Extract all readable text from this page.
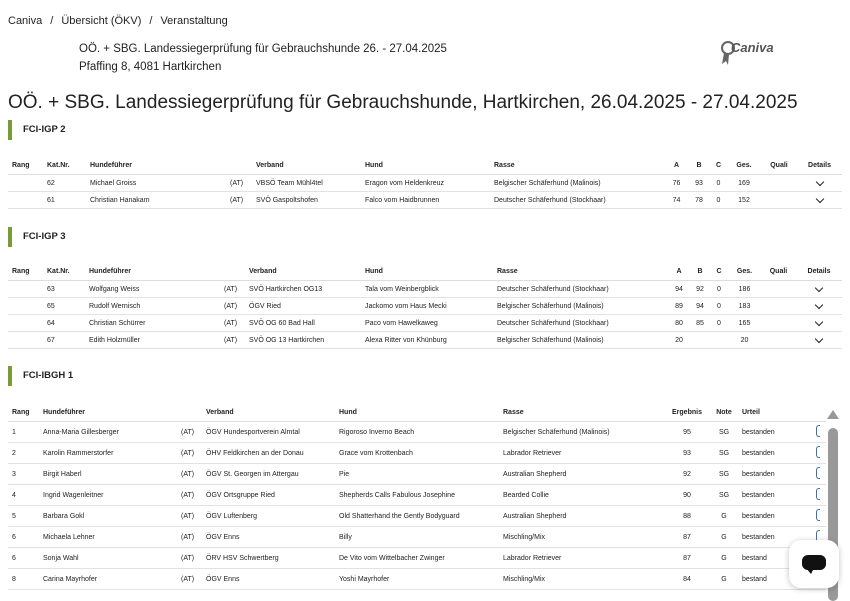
Caniva / Übersicht (ÖKV) / Veranstaltung
OÖ. + SBG. Landessiegerprüfung für Gebrauchshunde 26. - 27.04.2025
Pfaffing 8, 4081 Hartkirchen
Caniva
OÖ. + SBG. Landessiegerprüfung für Gebrauchshunde, Hartkirchen, 26.04.2025 - 27.04.2025
FCI-IGP 2
Rang	Kat.Nr.	Hundeführer		Verband	Hund	Rasse	A	B	C	Ges.	Quali	Details
	62	Michael Groiss	(AT)	VBSÖ Team Mühl4tel	Eragon vom Heldenkreuz	Belgischer Schäferhund (Malinois)	76	93	0	169		
	61	Christian Hanakam	(AT)	SVÖ Gaspoltshofen	Falco vom Haidbrunnen	Deutscher Schäferhund (Stockhaar)	74	78	0	152		
FCI-IGP 3
Rang	Kat.Nr.	Hundeführer		Verband	Hund	Rasse	A	B	C	Ges.	Quali	Details
	63	Wolfgang Weiss	(AT)	SVÖ Hartkirchen OG13	Tala vom Weinbergblick	Deutscher Schäferhund (Stockhaar)	94	92	0	186		
	65	Rudolf Wernisch	(AT)	ÖGV Ried	Jackomo vom Haus Mecki	Belgischer Schäferhund (Malinois)	89	94	0	183		
	64	Christian Schürrer	(AT)	SVÖ OG 60 Bad Hall	Paco vom Hawelkaweg	Deutscher Schäferhund (Stockhaar)	80	85	0	165		
	67	Edith Holzmüller	(AT)	SVÖ OG 13 Hartkirchen	Alexa Ritter von Khünburg	Belgischer Schäferhund (Malinois)	20			20		
FCI-IBGH 1
Rang	Hundeführer		Verband	Hund	Rasse	Ergebnis	Note	Urteil	
1	Anna-Maria Gillesberger	(AT)	ÖGV Hundesportverein Almtal	Rigoroso Inverno Beach	Belgischer Schäferhund (Malinois)	95	SG	bestanden	
2	Karolin Rammerstorfer	(AT)	ÖHV Feldkirchen an der Donau	Grace vom Krottenbach	Labrador Retriever	93	SG	bestanden	
3	Birgit Haberl	(AT)	ÖGV St. Georgen im Attergau	Pie	Australian Shepherd	92	SG	bestanden	
4	Ingrid Wagenleitner	(AT)	ÖGV Ortsgruppe Ried	Shepherds Calls Fabulous Josephine	Bearded Collie	90	SG	bestanden	
5	Barbara Gokl	(AT)	ÖGV Luftenberg	Old Shatterhand the Gently Bodyguard	Australian Shepherd	88	G	bestanden	
6	Michaela Lehner	(AT)	ÖGV Enns	Billy	Mischling/Mix	87	G	bestanden	
6	Sonja Wahl	(AT)	ÖRV HSV Schwertberg	De Vito vom Wittelbacher Zwinger	Labrador Retriever	87	G	bestand	
8	Carina Mayrhofer	(AT)	ÖGV Enns	Yoshi Mayrhofer	Mischling/Mix	84	G	bestand	
